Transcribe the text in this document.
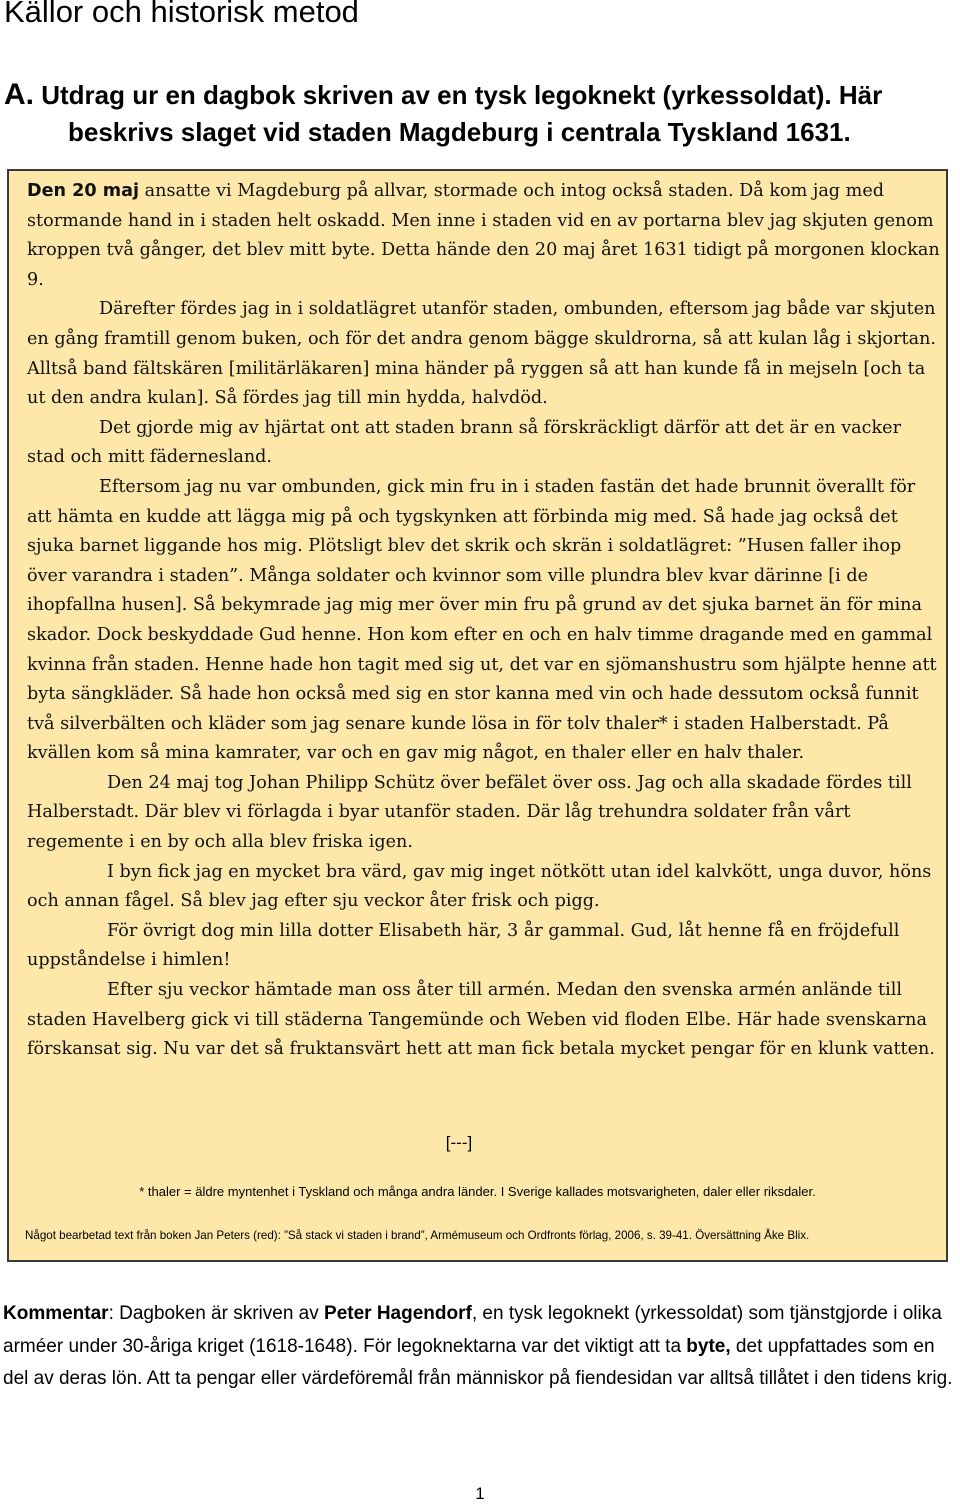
Källor och historisk metod
A. Utdrag ur en dagbok skriven av en tysk legoknekt (yrkessoldat). Här
beskrivs slaget vid staden Magdeburg i centrala Tyskland 1631.

Den 20 maj ansatte vi Magdeburg på allvar, stormade och intog också staden. Då kom jag med stormande hand in i staden helt oskadd. Men inne i staden vid en av portarna blev jag skjuten genom kroppen två gånger, det blev mitt byte. Detta hände den 20 maj året 1631 tidigt på morgonen klockan 9.

Därefter fördes jag in i soldatlägret utanför staden, ombunden, eftersom jag både var skjuten en gång framtill genom buken, och för det andra genom bägge skuldrorna, så att kulan låg i skjortan. Alltså band fältskären [militärläkaren] mina händer på ryggen så att han kunde få in mejseln [och ta ut den andra kulan]. Så fördes jag till min hydda, halvdöd.

Det gjorde mig av hjärtat ont att staden brann så förskräckligt därför att det är en vacker stad och mitt fädernesland.

Eftersom jag nu var ombunden, gick min fru in i staden fastän det hade brunnit överallt för att hämta en kudde att lägga mig på och tygskynken att förbinda mig med. Så hade jag också det sjuka barnet liggande hos mig. Plötsligt blev det skrik och skrän i soldatlägret: ”Husen faller ihop över varandra i staden”. Många soldater och kvinnor som ville plundra blev kvar därinne [i de ihopfallna husen]. Så bekymrade jag mig mer över min fru på grund av det sjuka barnet än för mina skador. Dock beskyddade Gud henne. Hon kom efter en och en halv timme dragande med en gammal kvinna från staden. Henne hade hon tagit med sig ut, det var en sjömanshustru som hjälpte henne att byta sängkläder. Så hade hon också med sig en stor kanna med vin och hade dessutom också funnit två silverbälten och kläder som jag senare kunde lösa in för tolv thaler* i staden Halberstadt. På kvällen kom så mina kamrater, var och en gav mig något, en thaler eller en halv thaler.

Den 24 maj tog Johan Philipp Schütz över befälet över oss. Jag och alla skadade fördes till Halberstadt. Där blev vi förlagda i byar utanför staden. Där låg trehundra soldater från vårt regemente i en by och alla blev friska igen.

I byn fick jag en mycket bra värd, gav mig inget nötkött utan idel kalvkött, unga duvor, höns och annan fågel. Så blev jag efter sju veckor åter frisk och pigg.

För övrigt dog min lilla dotter Elisabeth här, 3 år gammal. Gud, låt henne få en fröjdefull uppståndelse i himlen!

Efter sju veckor hämtade man oss åter till armén. Medan den svenska armén anlände till staden Havelberg gick vi till städerna Tangemünde och Weben vid floden Elbe. Här hade svenskarna förskansat sig. Nu var det så fruktansvärt hett att man fick betala mycket pengar för en klunk vatten.

[---]
* thaler = äldre myntenhet i Tyskland och många andra länder. I Sverige kallades motsvarigheten, daler eller riksdaler.
Något bearbetad text från boken Jan Peters (red): ”Så stack vi staden i brand”, Armémuseum och Ordfronts förlag, 2006, s. 39-41. Översättning Åke Blix.

Kommentar: Dagboken är skriven av Peter Hagendorf, en tysk legoknekt (yrkessoldat) som tjänstgjorde i olika arméer under 30-åriga kriget (1618-1648). För legoknektarna var det viktigt att ta byte, det uppfattades som en del av deras lön. Att ta pengar eller värdeföremål från människor på fiendesidan var alltså tillåtet i den tidens krig.

1
